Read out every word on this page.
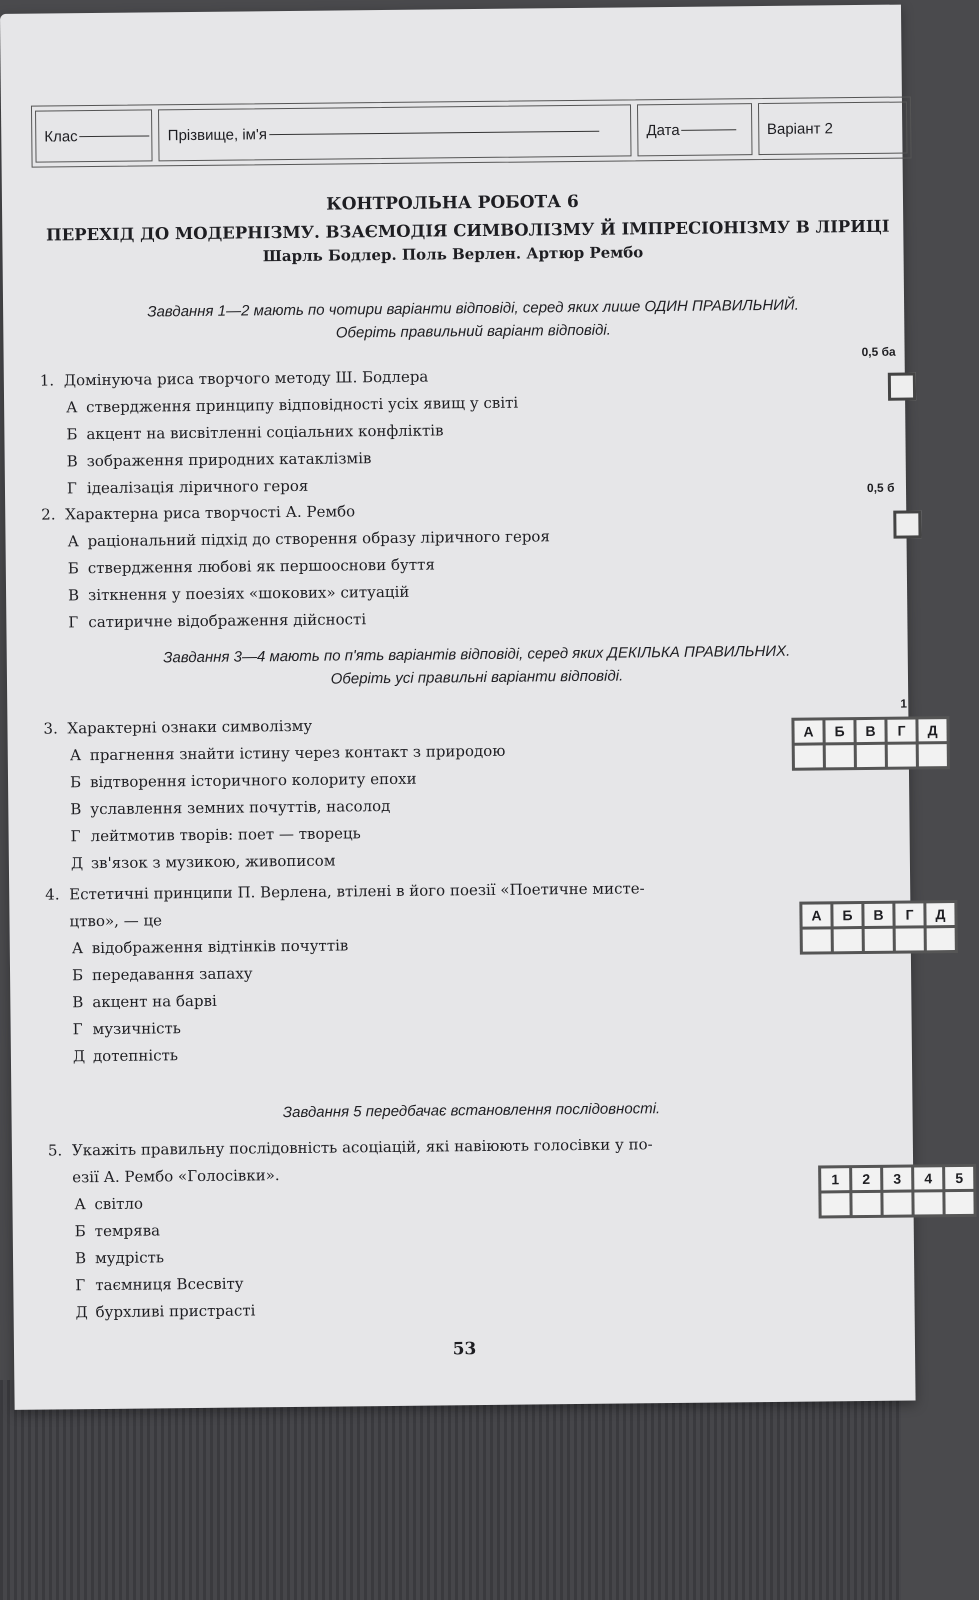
Клас	Прізвище, ім'я	Дата	Варіант 2
КОНТРОЛЬНА РОБОТА 6
ПЕРЕХІД ДО МОДЕРНІЗМУ. ВЗАЄМОДІЯ СИМВОЛІЗМУ Й ІМПРЕСІОНІЗМУ В ЛІРИЦІ
Шарль Бодлер. Поль Верлен. Артюр Рембо
Завдання 1—2 мають по чотири варіанти відповіді, серед яких лише ОДИН ПРАВИЛЬНИЙ.
Оберіть правильний варіант відповіді.
1. Домінуюча риса творчого методу Ш. Бодлера
А ствердження принципу відповідності усіх явищ у світі
Б акцент на висвітленні соціальних конфліктів
В зображення природних катаклізмів
Г ідеалізація ліричного героя
0,5 ба
2. Характерна риса творчості А. Рембо
А раціональний підхід до створення образу ліричного героя
Б ствердження любові як першооснови буття
В зіткнення у поезіях «шокових» ситуацій
Г сатиричне відображення дійсності
0,5 б
Завдання 3—4 мають по п'ять варіантів відповіді, серед яких ДЕКІЛЬКА ПРАВИЛЬНИХ.
Оберіть усі правильні варіанти відповіді.
3. Характерні ознаки символізму
А прагнення знайти істину через контакт з природою
Б відтворення історичного колориту епохи
В уславлення земних почуттів, насолод
Г лейтмотив творів: поет — творець
Д зв'язок з музикою, живописом
1
А	Б	В	Г	Д
4. Естетичні принципи П. Верлена, втілені в його поезії «Поетичне мисте-
цтво», — це
А відображення відтінків почуттів
Б передавання запаху
В акцент на барві
Г музичність
Д дотепність
А	Б	В	Г	Д
Завдання 5 передбачає встановлення послідовності.
5. Укажіть правильну послідовність асоціацій, які навіюють голосівки у по-
езії А. Рембо «Голосівки».
А світло
Б темрява
В мудрість
Г таємниця Всесвіту
Д бурхливі пристрасті
1	2	3	4	5
53
